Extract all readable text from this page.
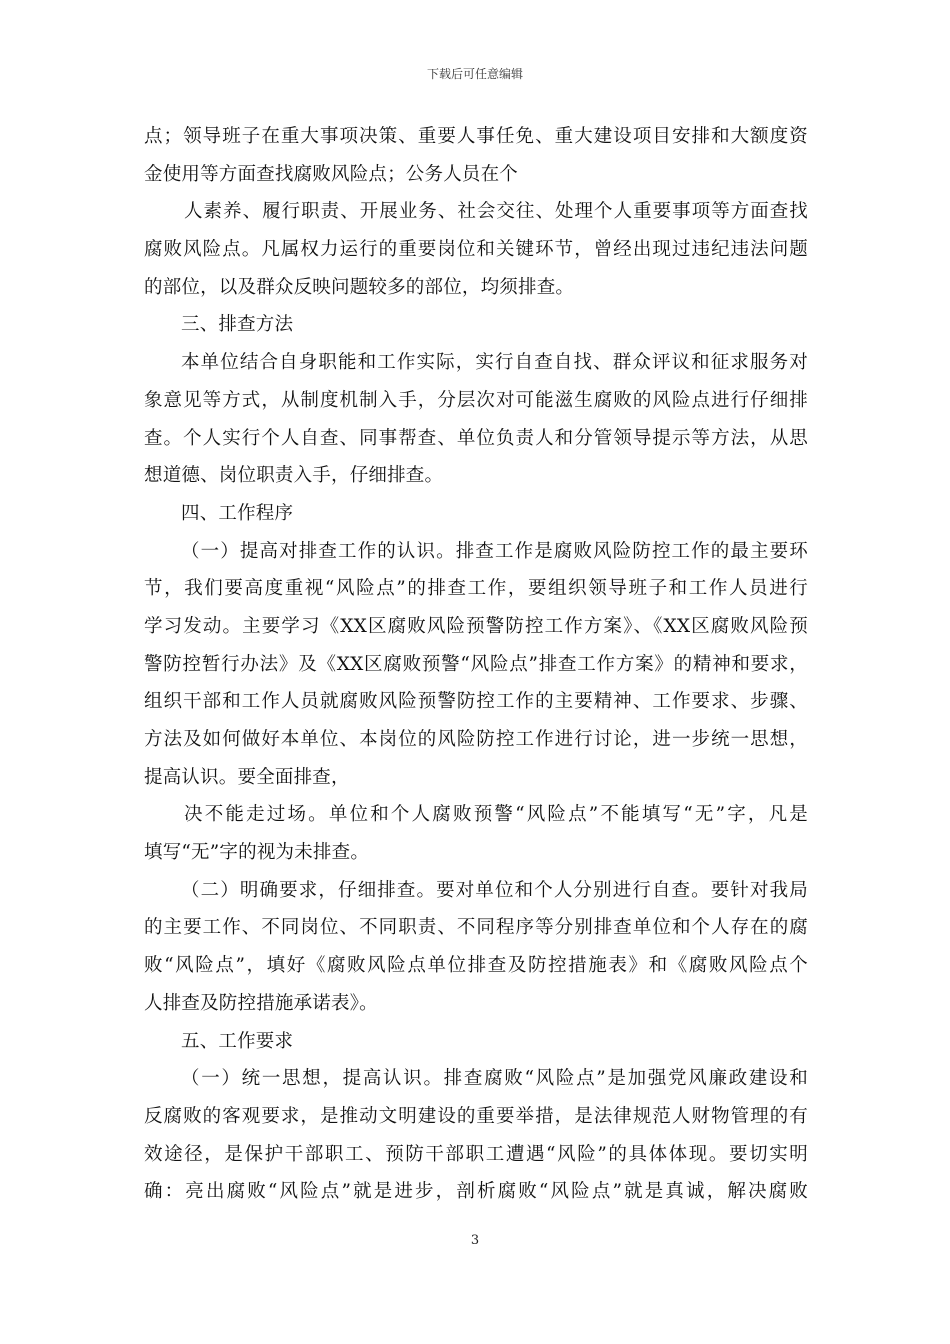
下载后可任意编辑
点；领导班子在重大事项决策、重要人事任免、重大建设项目安排和大额度资
金使用等方面查找腐败风险点；公务人员在个
人素养、履行职责、开展业务、社会交往、处理个人重要事项等方面查找
腐败风险点。凡属权力运行的重要岗位和关键环节，曾经出现过违纪违法问题
的部位，以及群众反映问题较多的部位，均须排查。
三、排查方法
本单位结合自身职能和工作实际，实行自查自找、群众评议和征求服务对
象意见等方式，从制度机制入手，分层次对可能滋生腐败的风险点进行仔细排
查。个人实行个人自查、同事帮查、单位负责人和分管领导提示等方法，从思
想道德、岗位职责入手，仔细排查。
四、工作程序
（一）提高对排查工作的认识。排查工作是腐败风险防控工作的最主要环
节，我们要高度重视“风险点”的排查工作，要组织领导班子和工作人员进行
学习发动。主要学习《XX区腐败风险预警防控工作方案》、《XX区腐败风险预
警防控暂行办法》及《XX区腐败预警“风险点”排查工作方案》的精神和要求，
组织干部和工作人员就腐败风险预警防控工作的主要精神、工作要求、步骤、
方法及如何做好本单位、本岗位的风险防控工作进行讨论，进一步统一思想，
提高认识。要全面排查，
决不能走过场。单位和个人腐败预警“风险点”不能填写“无”字，凡是
填写“无”字的视为未排查。
（二）明确要求，仔细排查。要对单位和个人分别进行自查。要针对我局
的主要工作、不同岗位、不同职责、不同程序等分别排查单位和个人存在的腐
败“风险点”，填好《腐败风险点单位排查及防控措施表》和《腐败风险点个
人排查及防控措施承诺表》。
五、工作要求
（一）统一思想，提高认识。排查腐败“风险点”是加强党风廉政建设和
反腐败的客观要求，是推动文明建设的重要举措，是法律规范人财物管理的有
效途径，是保护干部职工、预防干部职工遭遇“风险”的具体体现。要切实明
确：亮出腐败“风险点”就是进步，剖析腐败“风险点”就是真诚，解决腐败
3
